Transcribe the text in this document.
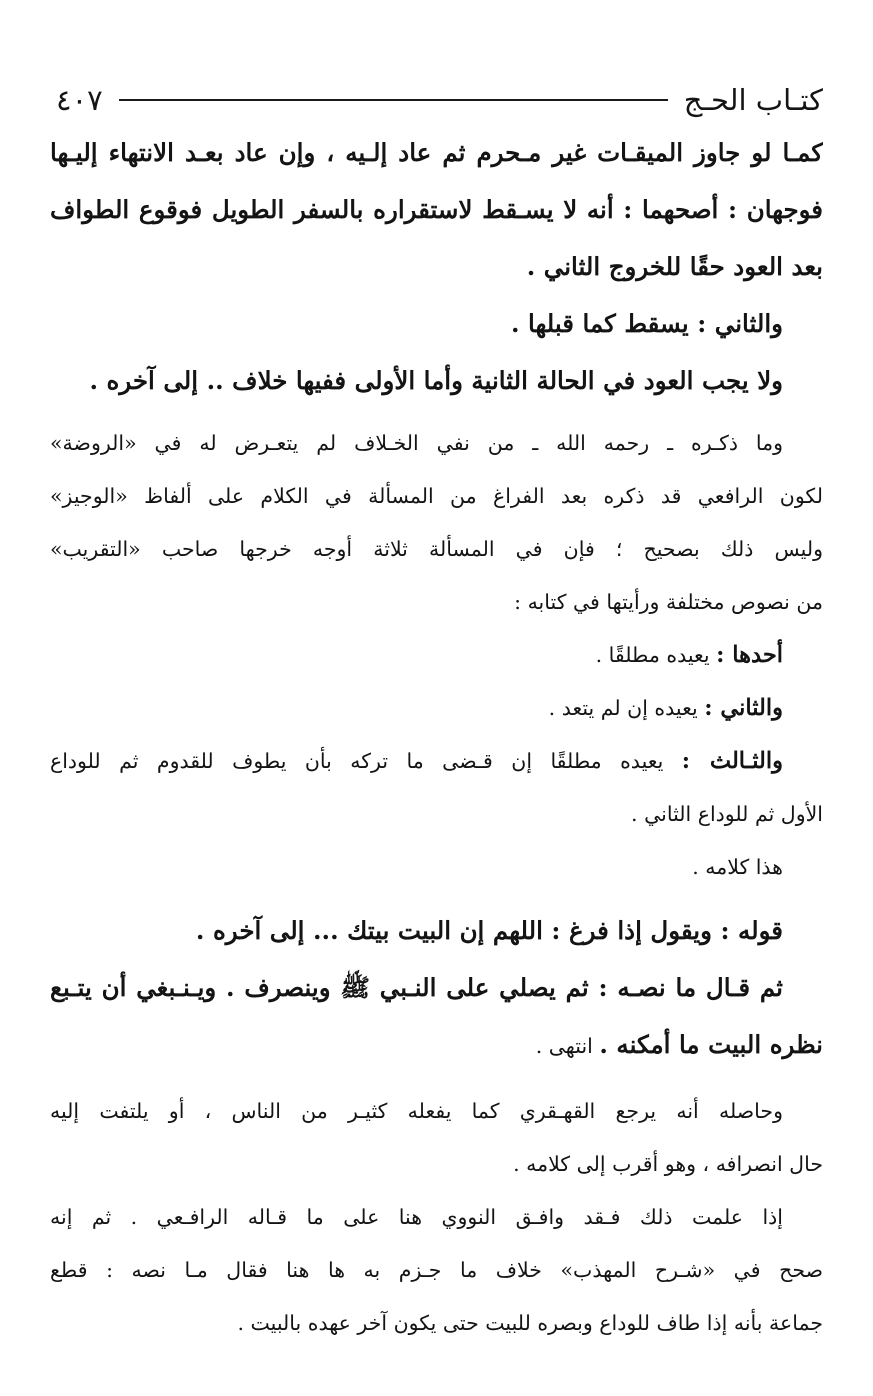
كتـاب الحـج
٤٠٧
كمـا لو جاوز الميقـات غير مـحرم ثم عاد إلـيه ، وإن عاد بعـد الانتهاء إليـها
فوجهان : أصحهما : أنه لا يسـقط لاستقراره بالسفر الطويل فوقوع الطواف
بعد العود حقًا للخروج الثاني .
والثاني : يسقط كما قبلها .
ولا يجب العود في الحالة الثانية وأما الأولى ففيها خلاف .. إلى آخره .
وما ذكـره ـ رحمه الله ـ من نفي الخـلاف لم يتعـرض له في «الروضة»
لكون الرافعي قد ذكره بعد الفراغ من المسألة في الكلام على ألفاظ «الوجيز»
وليس ذلك بصحيح ؛ فإن في المسألة ثلاثة أوجه خرجها صاحب «التقريب»
من نصوص مختلفة ورأيتها في كتابه :
أحدها : يعيده مطلقًا .
والثاني : يعيده إن لم يتعد .
والثـالث : يعيده مطلقًا إن قـضى ما تركه بأن يطوف للقدوم ثم للوداع
الأول ثم للوداع الثاني .
هذا كلامه .
قوله : ويقول إذا فرغ : اللهم إن البيت بيتك ... إلى آخره .
ثم قـال ما نصـه : ثم يصلي على النـبي ﷺ وينصرف . ويـنـبغي أن يتـبع
نظره البيت ما أمكنه . انتهى .
وحاصله أنه يرجع القهـقري كما يفعله كثيـر من الناس ، أو يلتفت إليه
حال انصرافه ، وهو أقرب إلى كلامه .
إذا علمت ذلك فـقد وافـق النووي هنا على ما قـاله الرافـعي . ثم إنه
صحح في «شـرح المهذب» خلاف ما جـزم به ها هنا فقال مـا نصه : قطع
جماعة بأنه إذا طاف للوداع وبصره للبيت حتى يكون آخر عهده بالبيت .
